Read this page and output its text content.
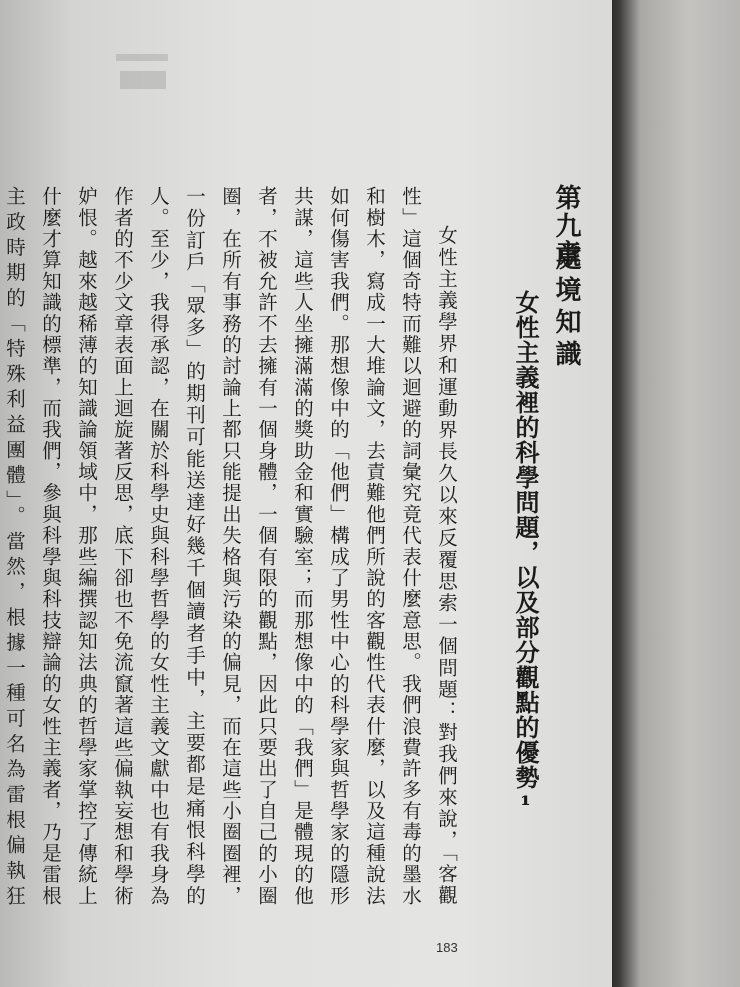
第九章
處境知識
女性主義裡的科學問題，以及部分觀點的優勢¹

女性主義學界和運動界長久以來反覆思索一個問題：對我們來說，「客觀性」這個奇特而難以迴避的詞彙究竟代表什麼意思。我們浪費許多有毒的墨水和樹木，寫成一大堆論文，去責難他們所說的客觀性代表什麼，以及這種說法如何傷害我們。那想像中的「他們」構成了男性中心的科學家與哲學家的隱形共謀，這些人坐擁滿滿的獎助金和實驗室；而那想像中的「我們」是體現的他者，不被允許不去擁有一個身體，一個有限的觀點，因此只要出了自己的小圈圈，在所有事務的討論上都只能提出失格與污染的偏見，而在這些小圈圈裡，一份訂戶「眾多」的期刊可能送達好幾千個讀者手中，主要都是痛恨科學的人。至少，我得承認，在關於科學史與科學哲學的女性主義文獻中也有我身為作者的不少文章表面上迴旋著反思，底下卻也不免流竄著這些偏執妄想和學術妒恨。越來越稀薄的知識論領域中，那些編撰認知法典的哲學家掌控了傳統上什麼才算知識的標準，而我們，參與科學與科技辯論的女性主義者，乃是雷根主政時期的「特殊利益團體」。當然，根據一種可名為雷根偏執狂

183
